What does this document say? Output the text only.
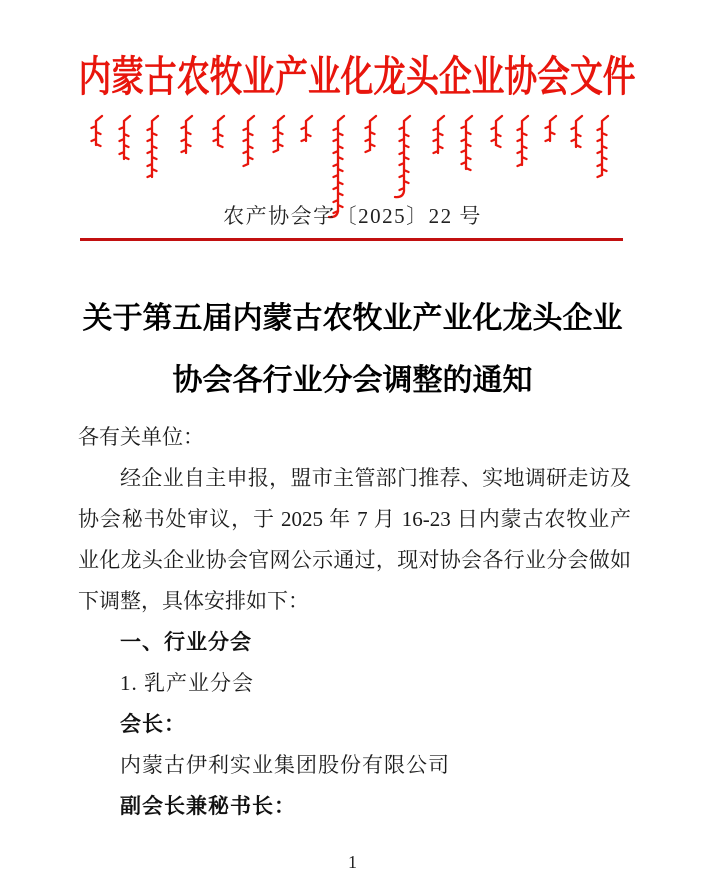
内蒙古农牧业产业化龙头企业协会文件
农产协会字〔2025〕22 号
关于第五届内蒙古农牧业产业化龙头企业
协会各行业分会调整的通知
各有关单位：
经企业自主申报，盟市主管部门推荐、实地调研走访及
协会秘书处审议，于 2025 年 7 月 16-23 日内蒙古农牧业产
业化龙头企业协会官网公示通过，现对协会各行业分会做如
下调整，具体安排如下：
一、行业分会
1. 乳产业分会
会长：
内蒙古伊利实业集团股份有限公司
副会长兼秘书长：
1
